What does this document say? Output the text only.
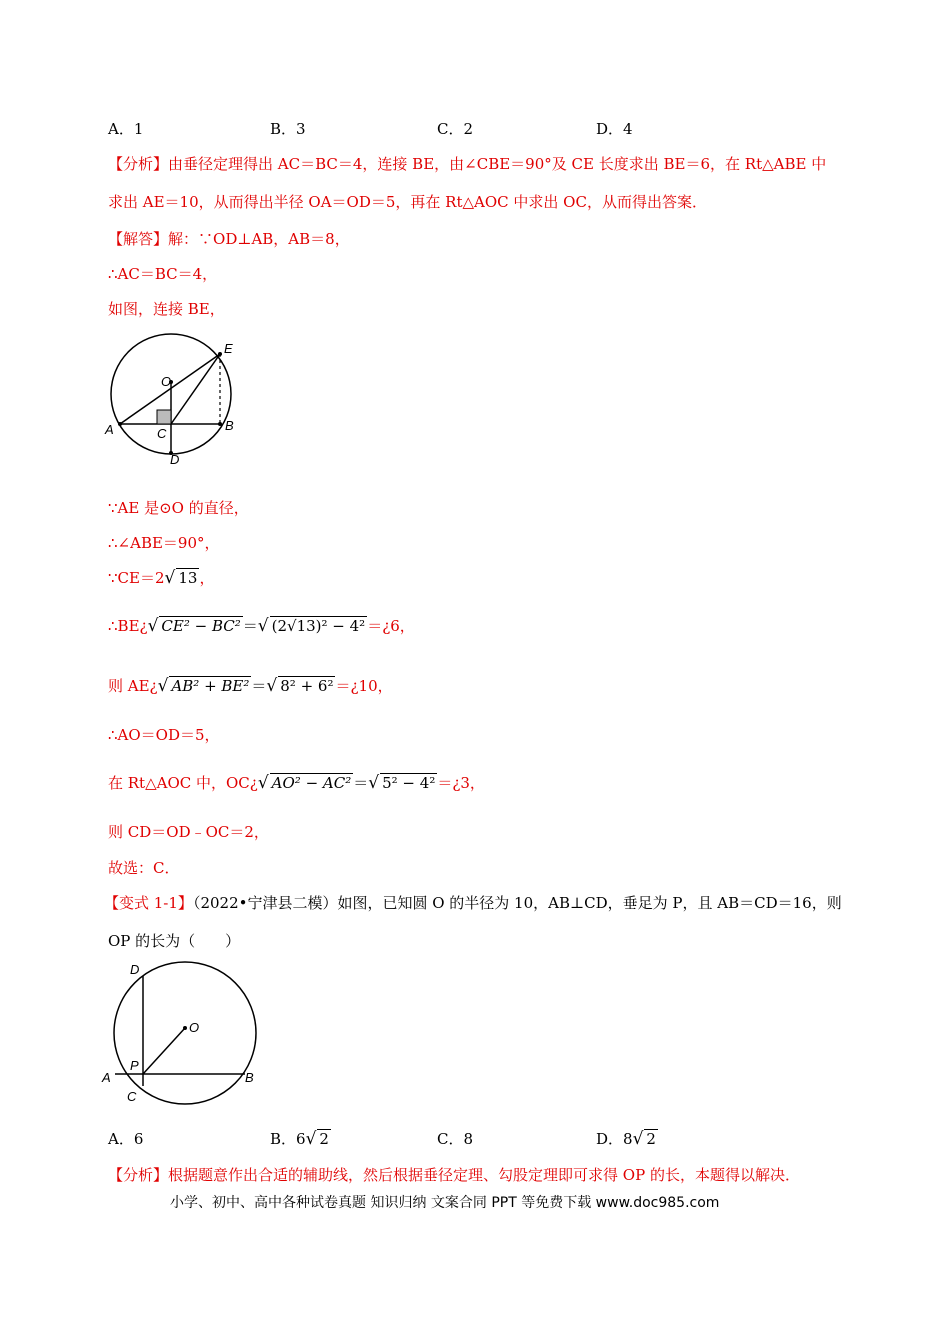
A．1	B．3	C．2	D．4
【分析】由垂径定理得出 AC＝BC＝4，连接 BE，由∠CBE＝90°及 CE 长度求出 BE＝6，在 Rt△ABE 中
求出 AE＝10，从而得出半径 OA＝OD＝5，再在 Rt△AOC 中求出 OC，从而得出答案．
【解答】解：∵OD⊥AB，AB＝8，
∴AC＝BC＝4，
如图，连接 BE，
A	B
C
D
E
O
∵AE 是⊙O 的直径，
∴∠ABE＝90°，
∵CE＝2√ 13 ，
∴BE¿√ CE² − BC² ＝√ (2√13)² − 4² ＝¿6，
则 AE¿√ AB² + BE² ＝√ 8² + 6² ＝¿10，
∴AO＝OD＝5，
在 Rt△AOC 中，OC¿√ AO² − AC² ＝√ 5² − 4² ＝¿3，
则 CD＝OD﹣OC＝2，
故选：C．
【变式 1-1】（2022•宁津县二模）如图，已知圆 O 的半径为 10，AB⊥CD，垂足为 P，且 AB＝CD＝16，则
OP 的长为（　　）
A	B
C
D
O
P
A．6	B．6√ 2	C．8	D．8√ 2
【分析】根据题意作出合适的辅助线，然后根据垂径定理、勾股定理即可求得 OP 的长，本题得以解决．
小学、初中、高中各种试卷真题 知识归纳 文案合同 PPT 等免费下载 www.doc985.com
